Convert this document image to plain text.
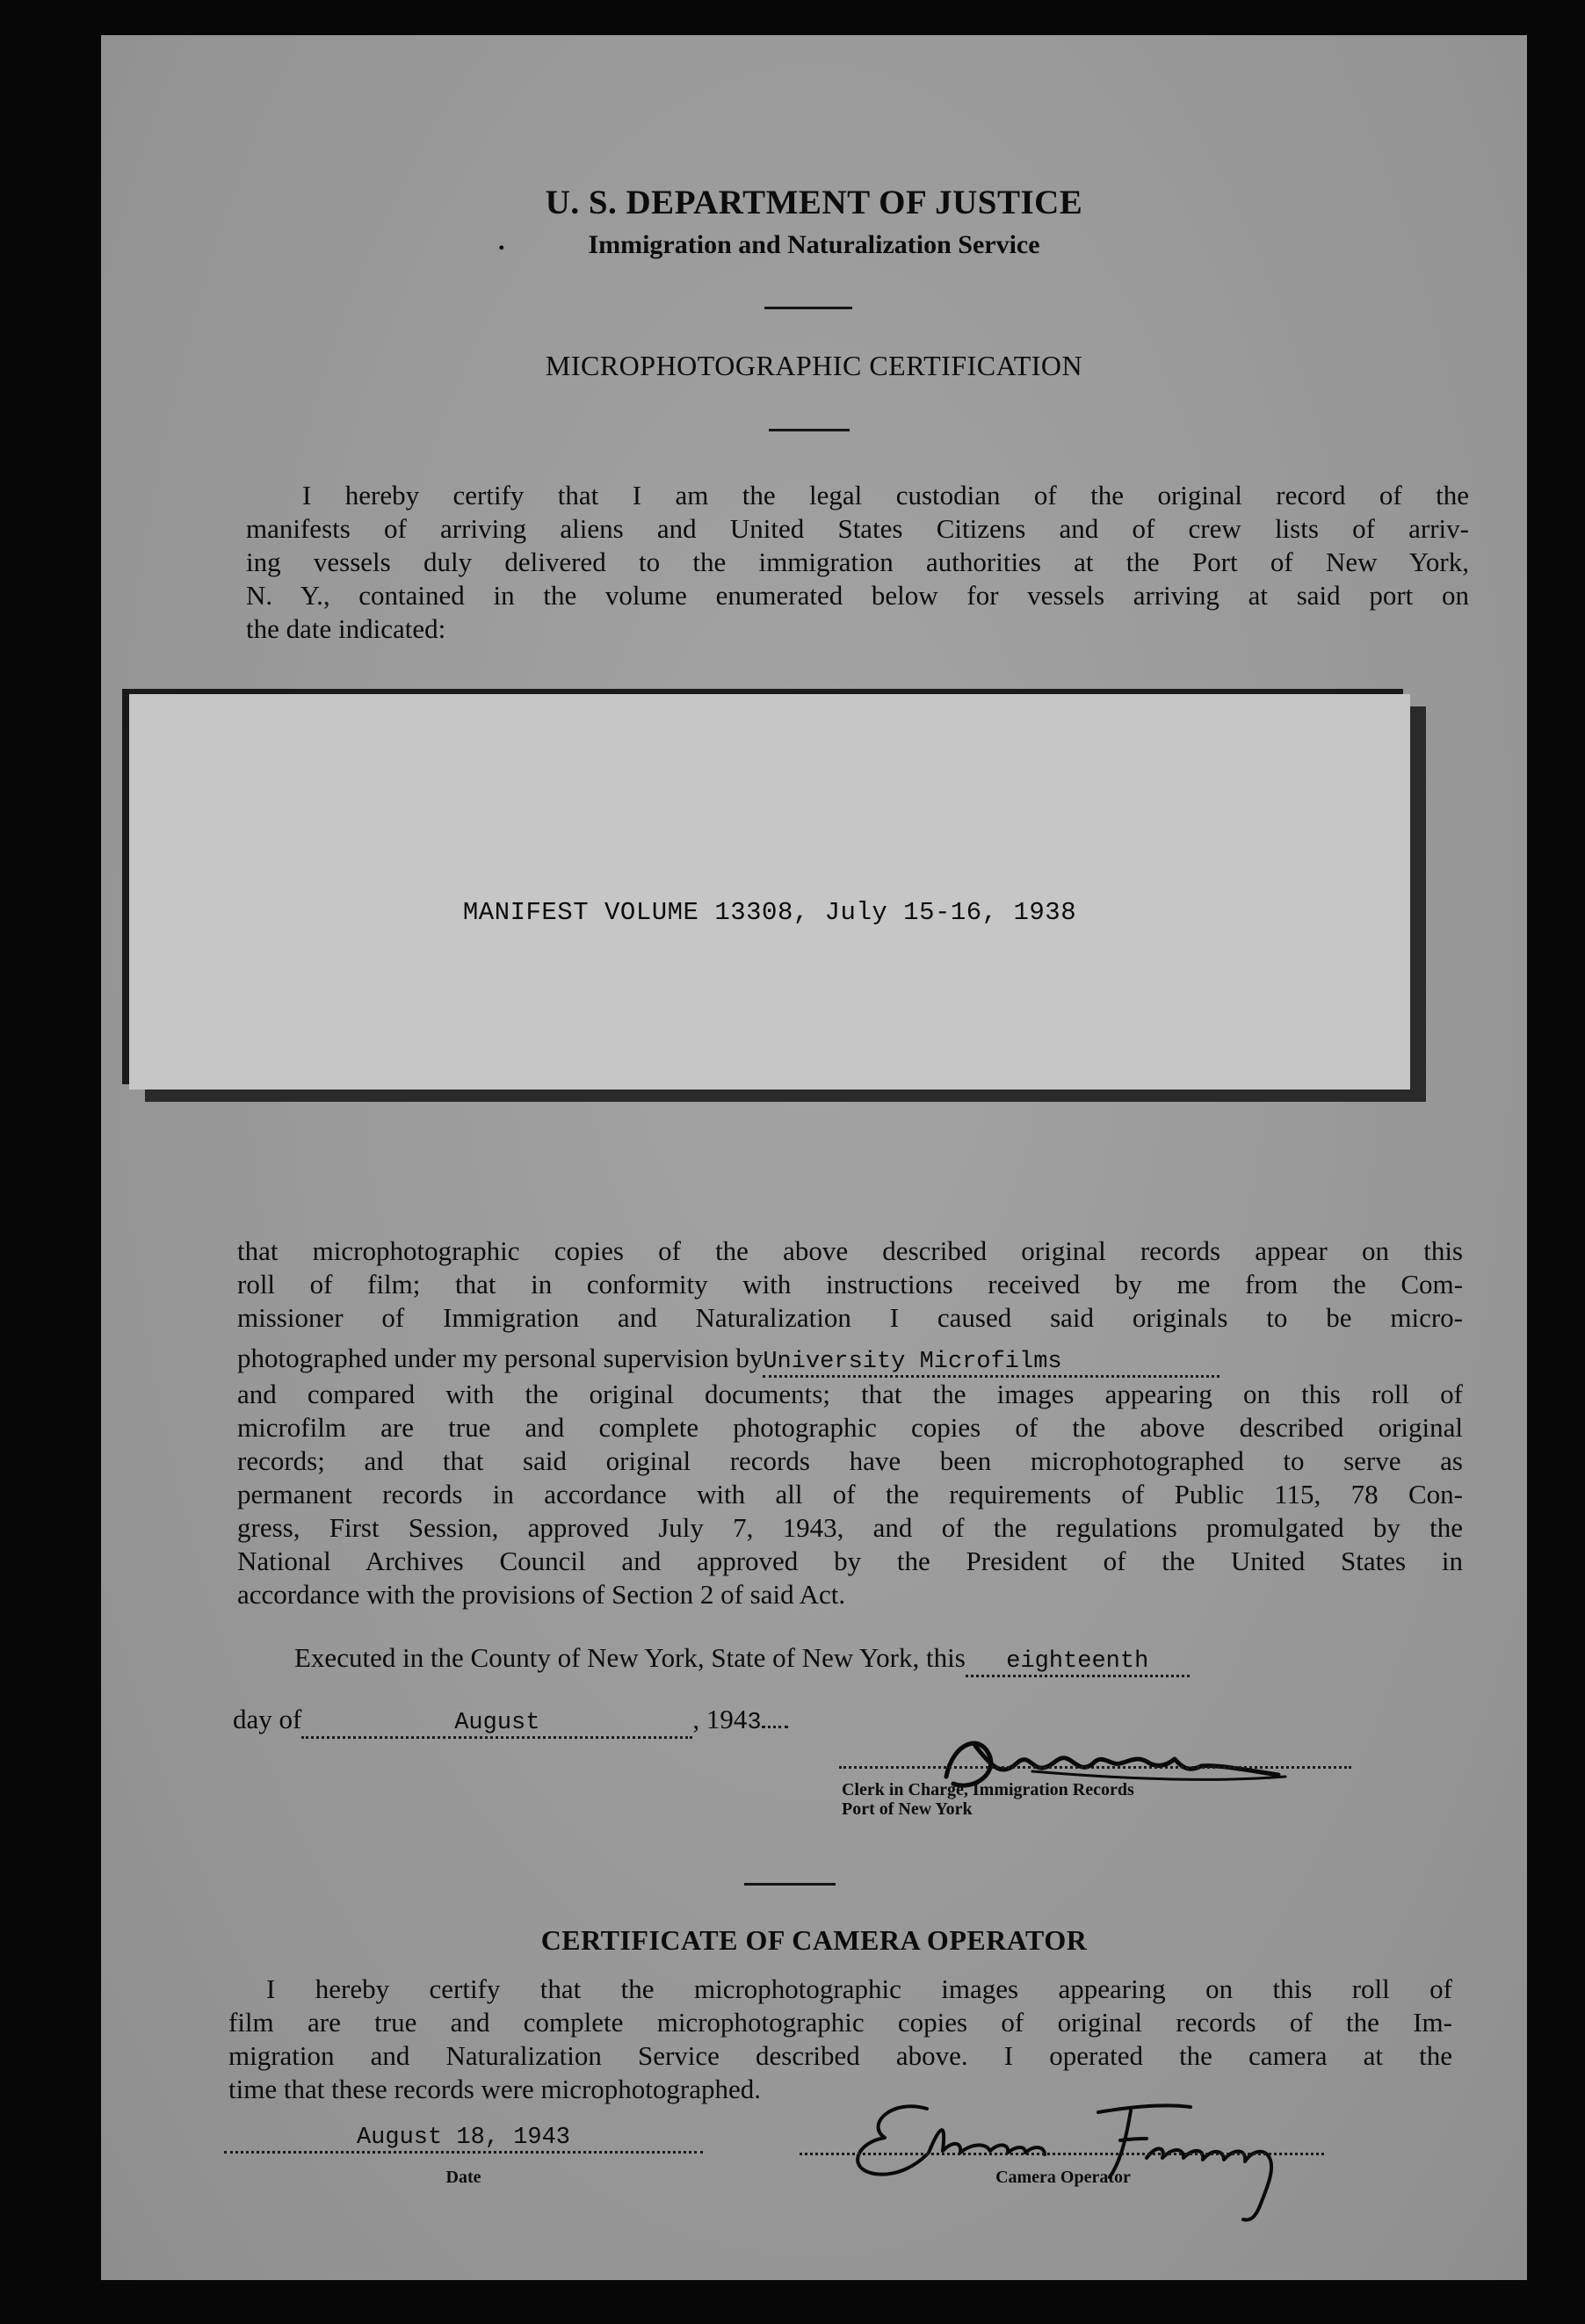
U. S. DEPARTMENT OF JUSTICE
.	Immigration and Naturalization Service
MICROPHOTOGRAPHIC CERTIFICATION
I hereby certify that I am the legal custodian of the original record of the
manifests of arriving aliens and United States Citizens and of crew lists of arriv-
ing vessels duly delivered to the immigration authorities at the Port of New York,
N. Y., contained in the volume enumerated below for vessels arriving at said port on
the date indicated:
MANIFEST VOLUME 13308, July 15-16, 1938
that microphotographic copies of the above described original records appear on this
roll of film; that in conformity with instructions received by me from the Com-
missioner of Immigration and Naturalization I caused said originals to be micro-
photographed under my personal supervision byUniversity Microfilms
and compared with the original documents; that the images appearing on this roll of
microfilm are true and complete photographic copies of the above described original
records; and that said original records have been microphotographed to serve as
permanent records in accordance with all of the requirements of Public 115, 78 Con-
gress, First Session, approved July 7, 1943, and of the regulations promulgated by the
National Archives Council and approved by the President of the United States in
accordance with the provisions of Section 2 of said Act.
Executed in the County of New York, State of New York, this eighteenth
day of	August	, 1943
Clerk in Charge, Immigration Records
Port of New York
CERTIFICATE OF CAMERA OPERATOR
I hereby certify that the microphotographic images appearing on this roll of
film are true and complete microphotographic copies of original records of the Im-
migration and Naturalization Service described above. I operated the camera at the
time that these records were microphotographed.
August 18, 1943
Date	Camera Operator
